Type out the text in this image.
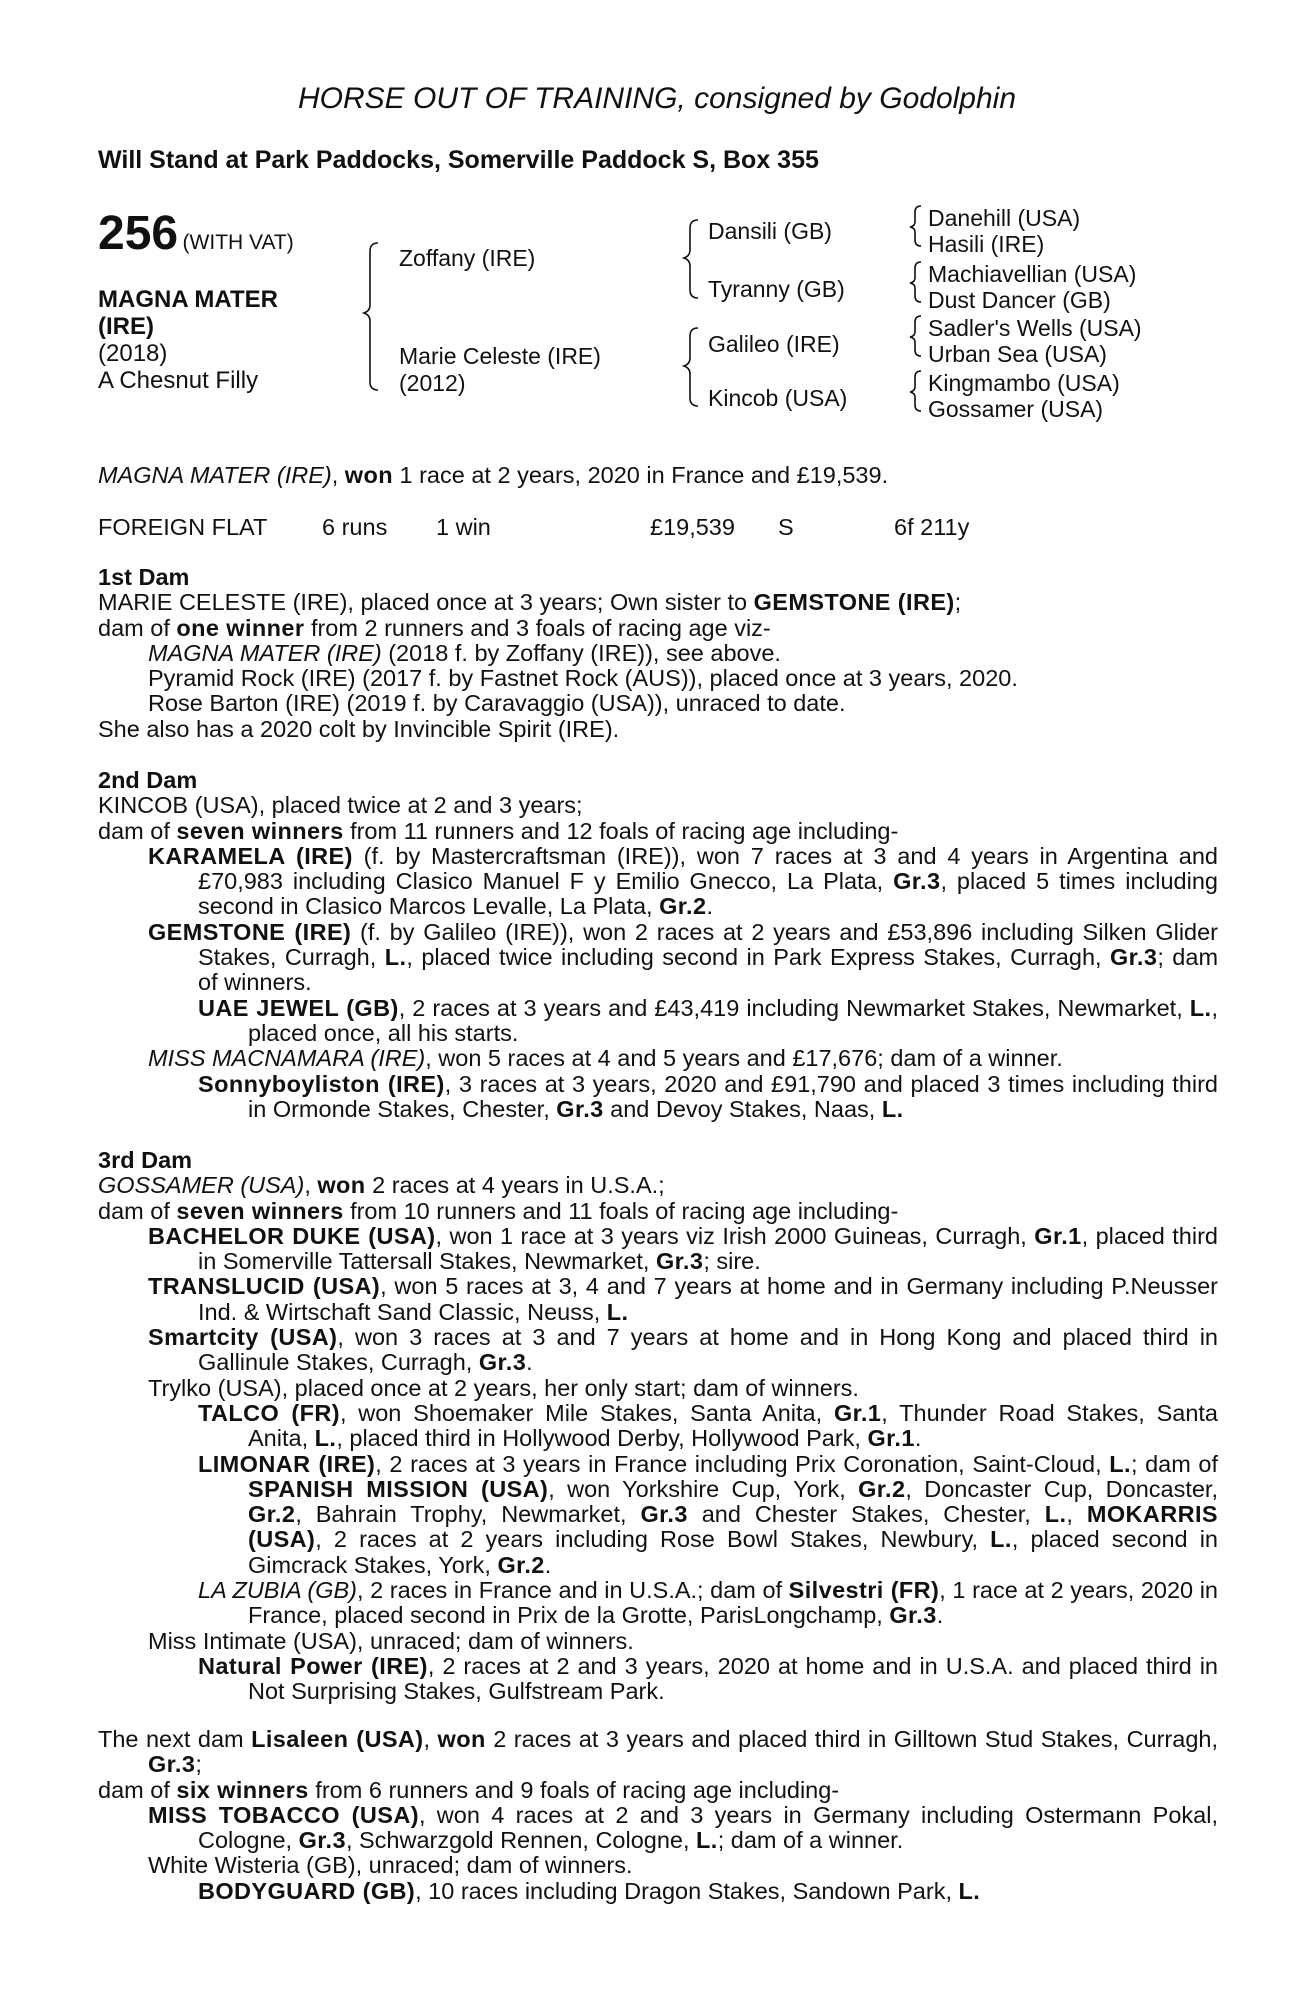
HORSE OUT OF TRAINING, consigned by Godolphin
Will Stand at Park Paddocks, Somerville Paddock S, Box 355
256 (WITH VAT)
MAGNA MATER
(IRE)
(2018)
A Chesnut Filly
Zoffany (IRE)
Marie Celeste (IRE)
(2012)
Dansili (GB)
Tyranny (GB)
Galileo (IRE)
Kincob (USA)
Danehill (USA)
Hasili (IRE)
Machiavellian (USA)
Dust Dancer (GB)
Sadler's Wells (USA)
Urban Sea (USA)
Kingmambo (USA)
Gossamer (USA)
MAGNA MATER (IRE), won 1 race at 2 years, 2020 in France and £19,539.
FOREIGN FLAT 6 runs 1 win	£19,539 S	6f 211y
1st Dam
MARIE CELESTE (IRE), placed once at 3 years; Own sister to GEMSTONE (IRE);
dam of one winner from 2 runners and 3 foals of racing age viz-
MAGNA MATER (IRE) (2018 f. by Zoffany (IRE)), see above.
Pyramid Rock (IRE) (2017 f. by Fastnet Rock (AUS)), placed once at 3 years, 2020.
Rose Barton (IRE) (2019 f. by Caravaggio (USA)), unraced to date.
She also has a 2020 colt by Invincible Spirit (IRE).
2nd Dam
KINCOB (USA), placed twice at 2 and 3 years;
dam of seven winners from 11 runners and 12 foals of racing age including-
KARAMELA (IRE) (f. by Mastercraftsman (IRE)), won 7 races at 3 and 4 years in Argentina and £70,983 including Clasico Manuel F y Emilio Gnecco, La Plata, Gr.3, placed 5 times including second in Clasico Marcos Levalle, La Plata, Gr.2.
GEMSTONE (IRE) (f. by Galileo (IRE)), won 2 races at 2 years and £53,896 including Silken Glider Stakes, Curragh, L., placed twice including second in Park Express Stakes, Curragh, Gr.3; dam of winners.
UAE JEWEL (GB), 2 races at 3 years and £43,419 including Newmarket Stakes, Newmarket, L., placed once, all his starts.
MISS MACNAMARA (IRE), won 5 races at 4 and 5 years and £17,676; dam of a winner.
Sonnyboyliston (IRE), 3 races at 3 years, 2020 and £91,790 and placed 3 times including third in Ormonde Stakes, Chester, Gr.3 and Devoy Stakes, Naas, L.
3rd Dam
GOSSAMER (USA), won 2 races at 4 years in U.S.A.;
dam of seven winners from 10 runners and 11 foals of racing age including-
BACHELOR DUKE (USA), won 1 race at 3 years viz Irish 2000 Guineas, Curragh, Gr.1, placed third in Somerville Tattersall Stakes, Newmarket, Gr.3; sire.
TRANSLUCID (USA), won 5 races at 3, 4 and 7 years at home and in Germany including P.Neusser Ind. & Wirtschaft Sand Classic, Neuss, L.
Smartcity (USA), won 3 races at 3 and 7 years at home and in Hong Kong and placed third in Gallinule Stakes, Curragh, Gr.3.
Trylko (USA), placed once at 2 years, her only start; dam of winners.
TALCO (FR), won Shoemaker Mile Stakes, Santa Anita, Gr.1, Thunder Road Stakes, Santa Anita, L., placed third in Hollywood Derby, Hollywood Park, Gr.1.
LIMONAR (IRE), 2 races at 3 years in France including Prix Coronation, Saint-Cloud, L.; dam of SPANISH MISSION (USA), won Yorkshire Cup, York, Gr.2, Doncaster Cup, Doncaster, Gr.2, Bahrain Trophy, Newmarket, Gr.3 and Chester Stakes, Chester, L., MOKARRIS (USA), 2 races at 2 years including Rose Bowl Stakes, Newbury, L., placed second in Gimcrack Stakes, York, Gr.2.
LA ZUBIA (GB), 2 races in France and in U.S.A.; dam of Silvestri (FR), 1 race at 2 years, 2020 in France, placed second in Prix de la Grotte, ParisLongchamp, Gr.3.
Miss Intimate (USA), unraced; dam of winners.
Natural Power (IRE), 2 races at 2 and 3 years, 2020 at home and in U.S.A. and placed third in Not Surprising Stakes, Gulfstream Park.
The next dam Lisaleen (USA), won 2 races at 3 years and placed third in Gilltown Stud Stakes, Curragh, Gr.3;
dam of six winners from 6 runners and 9 foals of racing age including-
MISS TOBACCO (USA), won 4 races at 2 and 3 years in Germany including Ostermann Pokal, Cologne, Gr.3, Schwarzgold Rennen, Cologne, L.; dam of a winner.
White Wisteria (GB), unraced; dam of winners.
BODYGUARD (GB), 10 races including Dragon Stakes, Sandown Park, L.
